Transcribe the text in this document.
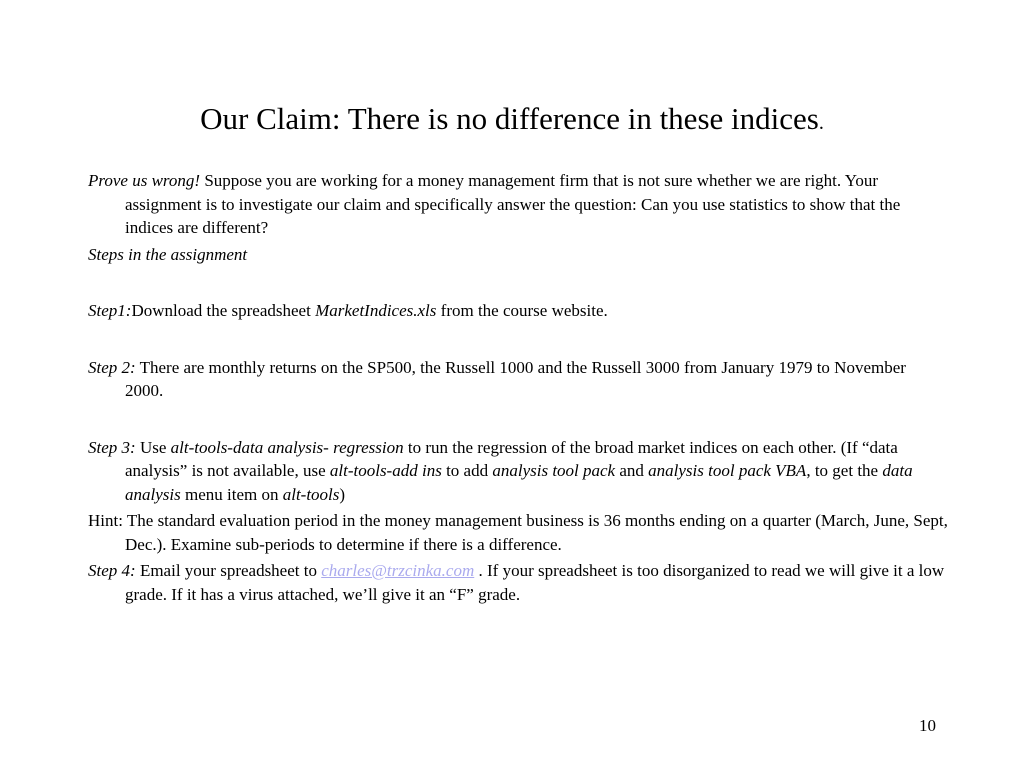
Our Claim: There is no difference in these indices.

Prove us wrong! Suppose you are working for a money management firm that is not sure whether we are right. Your assignment is to investigate our claim and specifically answer the question: Can you use statistics to show that the indices are different?

Steps in the assignment

Step1:Download the spreadsheet MarketIndices.xls from the course website.

Step 2: There are monthly returns on the SP500, the Russell 1000 and the Russell 3000 from January 1979 to November 2000.

Step 3: Use alt-tools-data analysis- regression to run the regression of the broad market indices on each other. (If “data analysis” is not available, use alt-tools-add ins to add analysis tool pack and analysis tool pack VBA, to get the data analysis menu item on alt-tools)

Hint: The standard evaluation period in the money management business is 36 months ending on a quarter (March, June, Sept, Dec.). Examine sub-periods to determine if there is a difference.

Step 4: Email your spreadsheet to charles@trzcinka.com . If your spreadsheet is too disorganized to read we will give it a low grade. If it has a virus attached, we’ll give it an “F” grade.

10
